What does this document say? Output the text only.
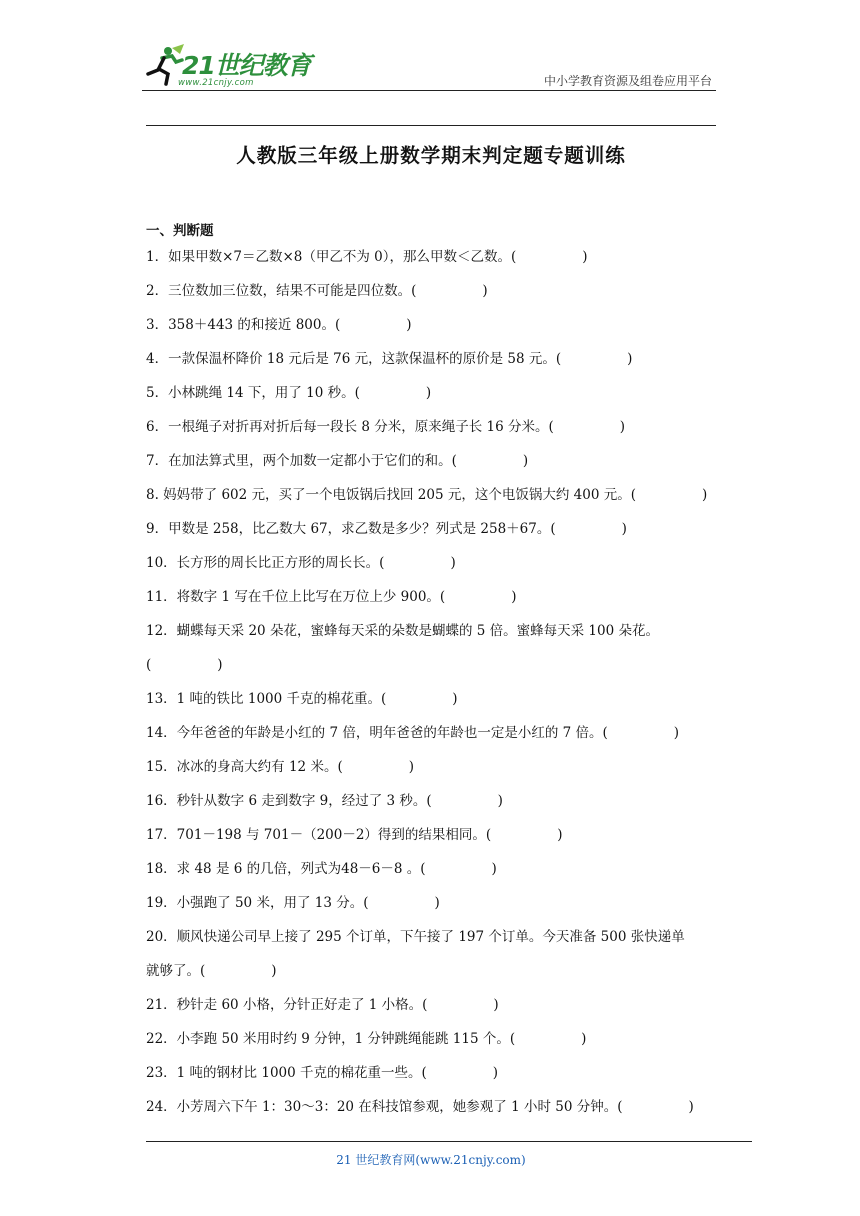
21世纪教育
www.21cnjy.com	中小学教育资源及组卷应用平台
人教版三年级上册数学期末判定题专题训练
一、判断题
1．如果甲数×7＝乙数×8（甲乙不为 0），那么甲数＜乙数。(	)
2．三位数加三位数，结果不可能是四位数。(	)
3．358＋443 的和接近 800。(	)
4．一款保温杯降价 18 元后是 76 元，这款保温杯的原价是 58 元。(	)
5．小林跳绳 14 下，用了 10 秒。(	)
6．一根绳子对折再对折后每一段长 8 分米，原来绳子长 16 分米。(	)
7．在加法算式里，两个加数一定都小于它们的和。(	)
8. 妈妈带了 602 元，买了一个电饭锅后找回 205 元，这个电饭锅大约 400 元。(	)
9．甲数是 258，比乙数大 67，求乙数是多少？列式是 258＋67。(	)
10．长方形的周长比正方形的周长长。(	)
11．将数字 1 写在千位上比写在万位上少 900。(	)
12．蝴蝶每天采 20 朵花，蜜蜂每天采的朵数是蝴蝶的 5 倍。蜜蜂每天采 100 朵花。
(	)
13．1 吨的铁比 1000 千克的棉花重。(	)
14．今年爸爸的年龄是小红的 7 倍，明年爸爸的年龄也一定是小红的 7 倍。(	)
15．冰冰的身高大约有 12 米。(	)
16．秒针从数字 6 走到数字 9，经过了 3 秒。(	)
17．701－198 与 701－（200－2）得到的结果相同。(	)
18．求 48 是 6 的几倍，列式为48－6－8 。(	)
19．小强跑了 50 米，用了 13 分。(	)
20．顺风快递公司早上接了 295 个订单，下午接了 197 个订单。今天准备 500 张快递单
就够了。(	)
21．秒针走 60 小格，分针正好走了 1 小格。(	)
22．小李跑 50 米用时约 9 分钟，1 分钟跳绳能跳 115 个。(	)
23．1 吨的钢材比 1000 千克的棉花重一些。(	)
24．小芳周六下午 1：30～3：20 在科技馆参观，她参观了 1 小时 50 分钟。(	)
21 世纪教育网(www.21cnjy.com)
